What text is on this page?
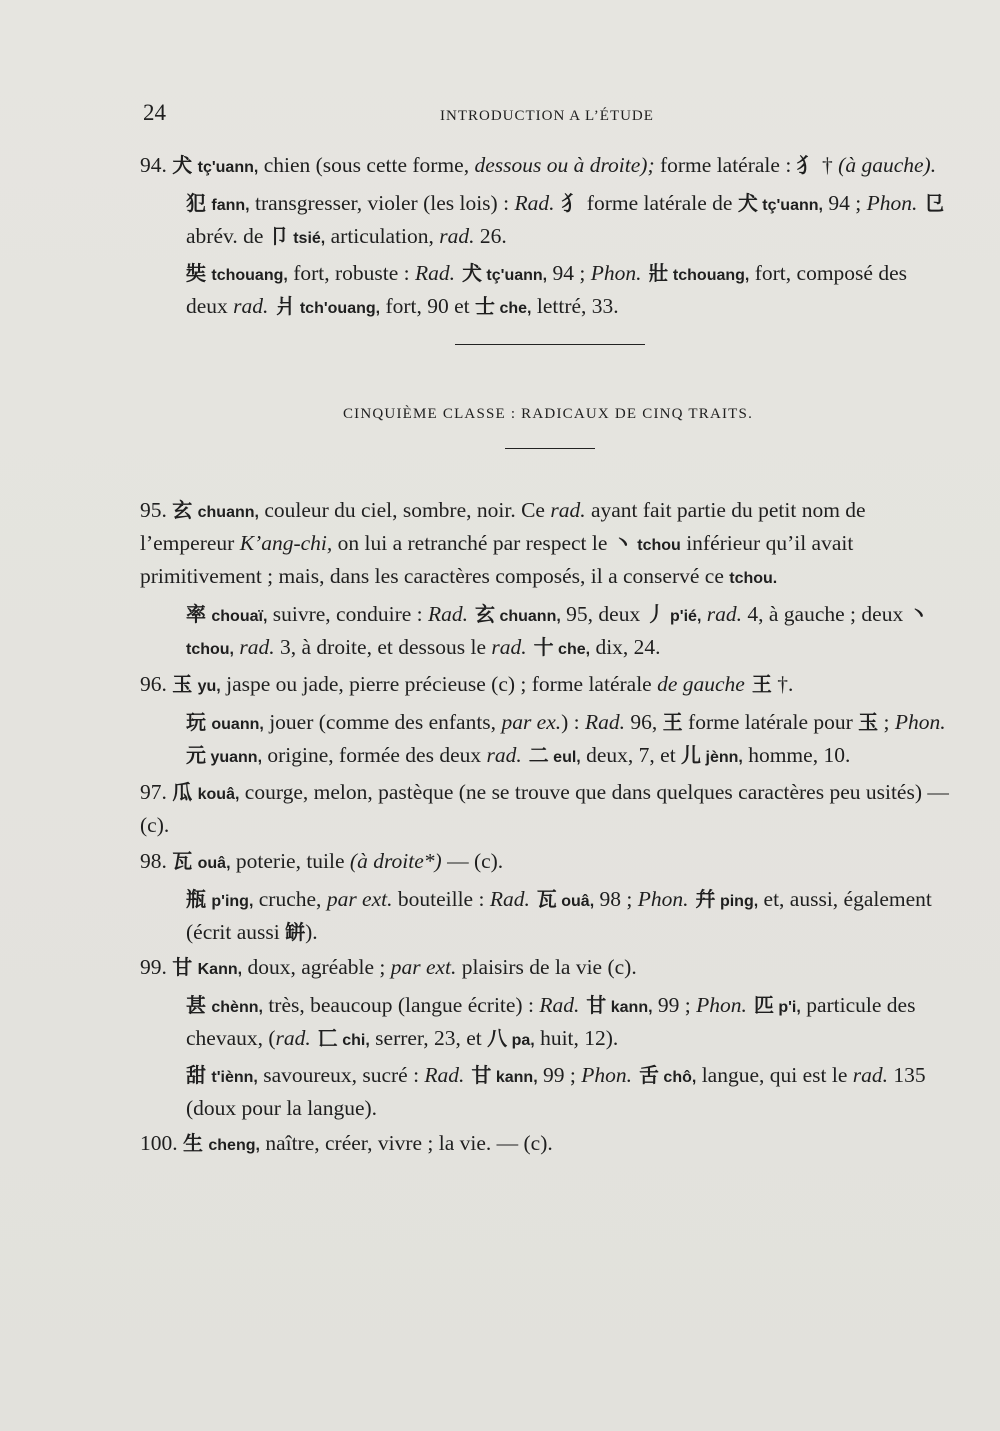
24	INTRODUCTION A L’ÉTUDE

94. 犬 tç'uann, chien (sous cette forme, dessous ou à droite); forme latérale : 犭 † (à gauche).

犯 fann, transgresser, violer (les lois) : Rad. 犭 forme latérale de 犬 tç'uann, 94 ; Phon. 㔾 abrév. de 卩 tsié, articulation, rad. 26.

奘 tchouang, fort, robuste : Rad. 犬 tç'uann, 94 ; Phon. 壯 tchouang, fort, composé des deux rad. 爿 tch'ouang, fort, 90 et 士 che, lettré, 33.

CINQUIÈME CLASSE : RADICAUX DE CINQ TRAITS.

95. 玄 chuann, couleur du ciel, sombre, noir. Ce rad. ayant fait partie du petit nom de l’empereur K’ang-chi, on lui a retranché par respect le 丶 tchou inférieur qu’il avait primitivement ; mais, dans les caractères composés, il a conservé ce tchou.

率 chouaï, suivre, conduire : Rad. 玄 chuann, 95, deux 丿 p'ié, rad. 4, à gauche ; deux 丶 tchou, rad. 3, à droite, et dessous le rad. 十 che, dix, 24.

96. 玉 yu, jaspe ou jade, pierre précieuse (c) ; forme latérale de gauche 王 †.

玩 ouann, jouer (comme des enfants, par ex.) : Rad. 96, 王 forme latérale pour 玉 ; Phon. 元 yuann, origine, formée des deux rad. 二 eul, deux, 7, et 儿 jènn, homme, 10.

97. 瓜 kouâ, courge, melon, pastèque (ne se trouve que dans quelques caractères peu usités) — (c).

98. 瓦 ouâ, poterie, tuile (à droite*) — (c).

瓶 p'ing, cruche, par ext. bouteille : Rad. 瓦 ouâ, 98 ; Phon. 幷 ping, et, aussi, également (écrit aussi 缾).

99. 甘 Kann, doux, agréable ; par ext. plaisirs de la vie (c).

甚 chènn, très, beaucoup (langue écrite) : Rad. 甘 kann, 99 ; Phon. 匹 p'i, particule des chevaux, (rad. 匸 chi, serrer, 23, et 八 pa, huit, 12).

甜 t'iènn, savoureux, sucré : Rad. 甘 kann, 99 ; Phon. 舌 chô, langue, qui est le rad. 135 (doux pour la langue).

100. 生 cheng, naître, créer, vivre ; la vie. — (c).
